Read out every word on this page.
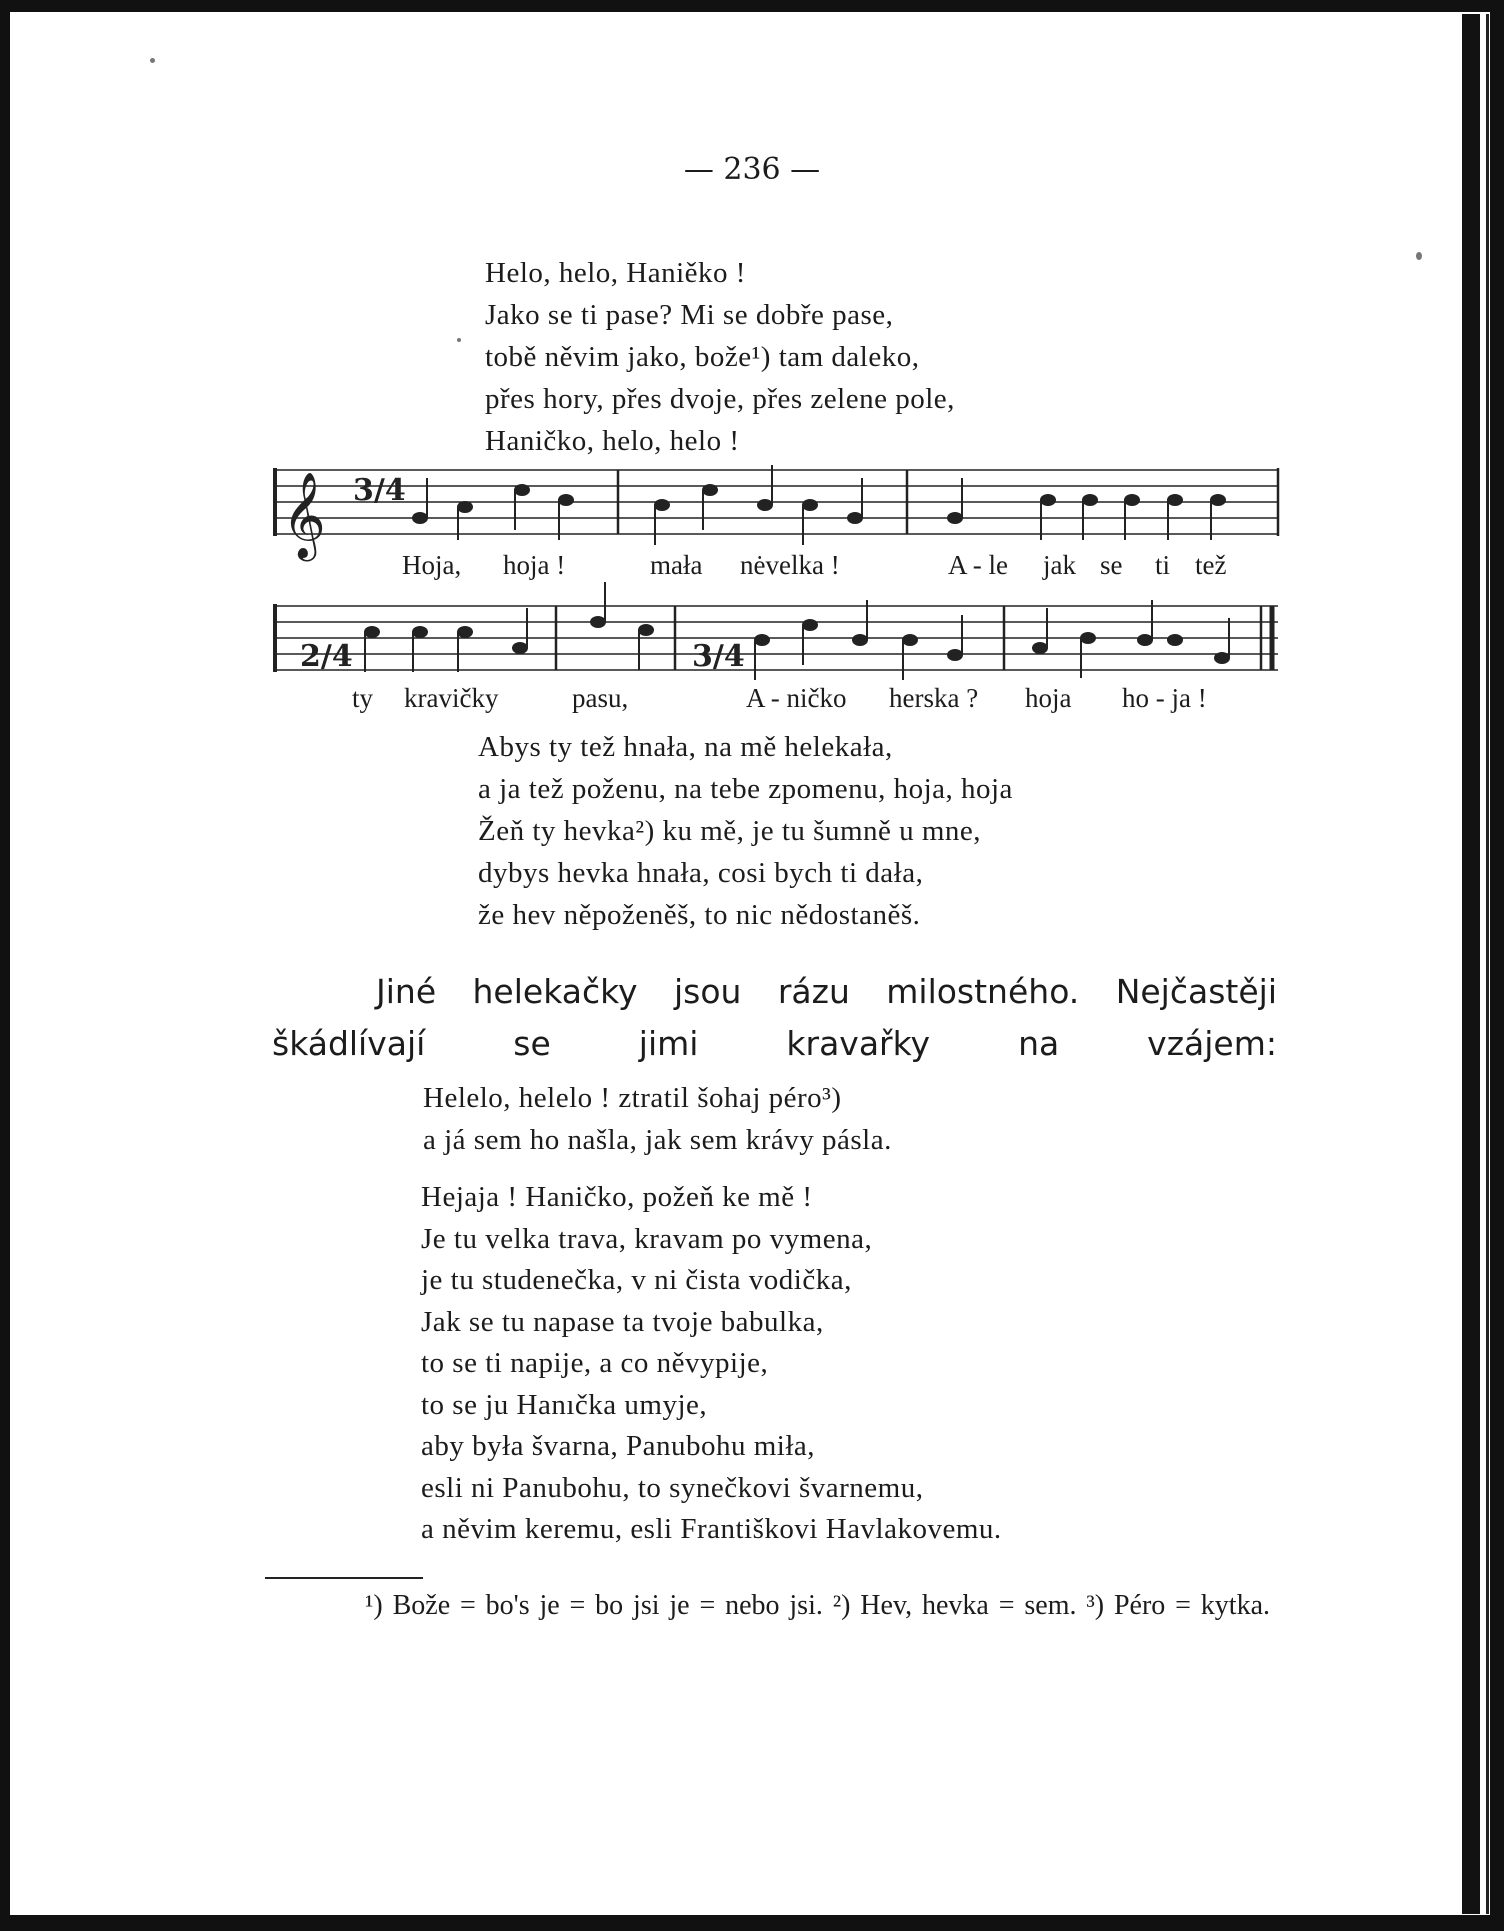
— 236 —
Helo, helo, Haniěko !
Jako se ti pase? Mi se dobře pase,
tobě něvim jako, bože¹) tam daleko,
přes hory, přes dvoje, přes zelene pole,
Haničko, helo, helo !
𝄞 3/4
Hoja, hoja !	mała nėvelka !	A - le jak se ti tež
2/4	3/4
ty kravičky	pasu,	A - ničko herska ? hoja ho - ja !
Abys ty tež hnała, na mě helekała,
a ja tež poženu, na tebe zpomenu, hoja, hoja
Žeň ty hevka²) ku mě, je tu šumně u mne,
dybys hevka hnała, cosi bych ti dała,
že hev něpoženěš, to nic nědostaněš.
Jiné helekačky jsou rázu milostného. Nejčastěji škádlívají se jimi kravařky na vzájem:
Helelo, helelo ! ztratil šohaj péro³)
a já sem ho našla, jak sem krávy pásla.
Hejaja ! Haničko, požeň ke mě !
Je tu velka trava, kravam po vymena,
je tu studenečka, v ni čista vodička,
Jak se tu napase ta tvoje babulka,
to se ti napije, a co něvypije,
to se ju Hanıčka umyje,
aby była švarna, Panubohu miła,
esli ni Panubohu, to synečkovi švarnemu,
a něvim keremu, esli Františkovi Havlakovemu.
¹) Bože = bo's je = bo jsi je = nebo jsi. ²) Hev, hevka = sem. ³) Péro = kytka.
